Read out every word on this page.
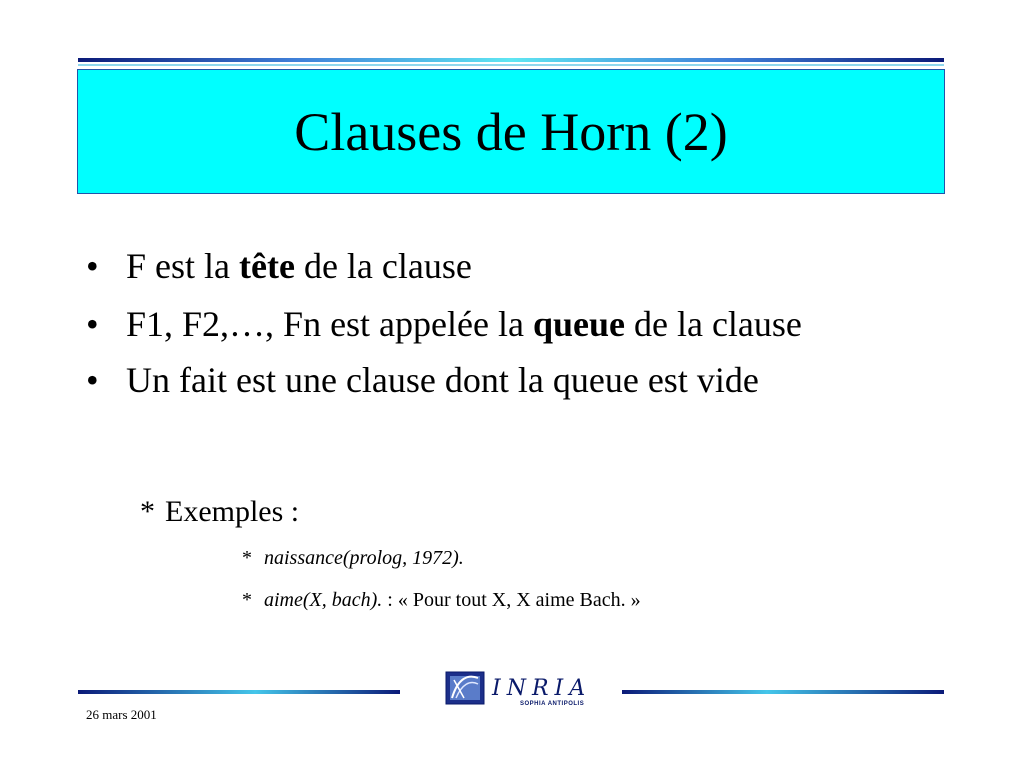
Clauses de Horn (2)
• F est la tête de la clause
• F1, F2,…, Fn est appelée la queue de la clause
• Un fait est une clause dont la queue est vide
* Exemples :
* naissance(prolog, 1972).
* aime(X, bach). : « Pour tout X, X aime Bach. »
INRIA
SOPHIA ANTIPOLIS
26 mars 2001
